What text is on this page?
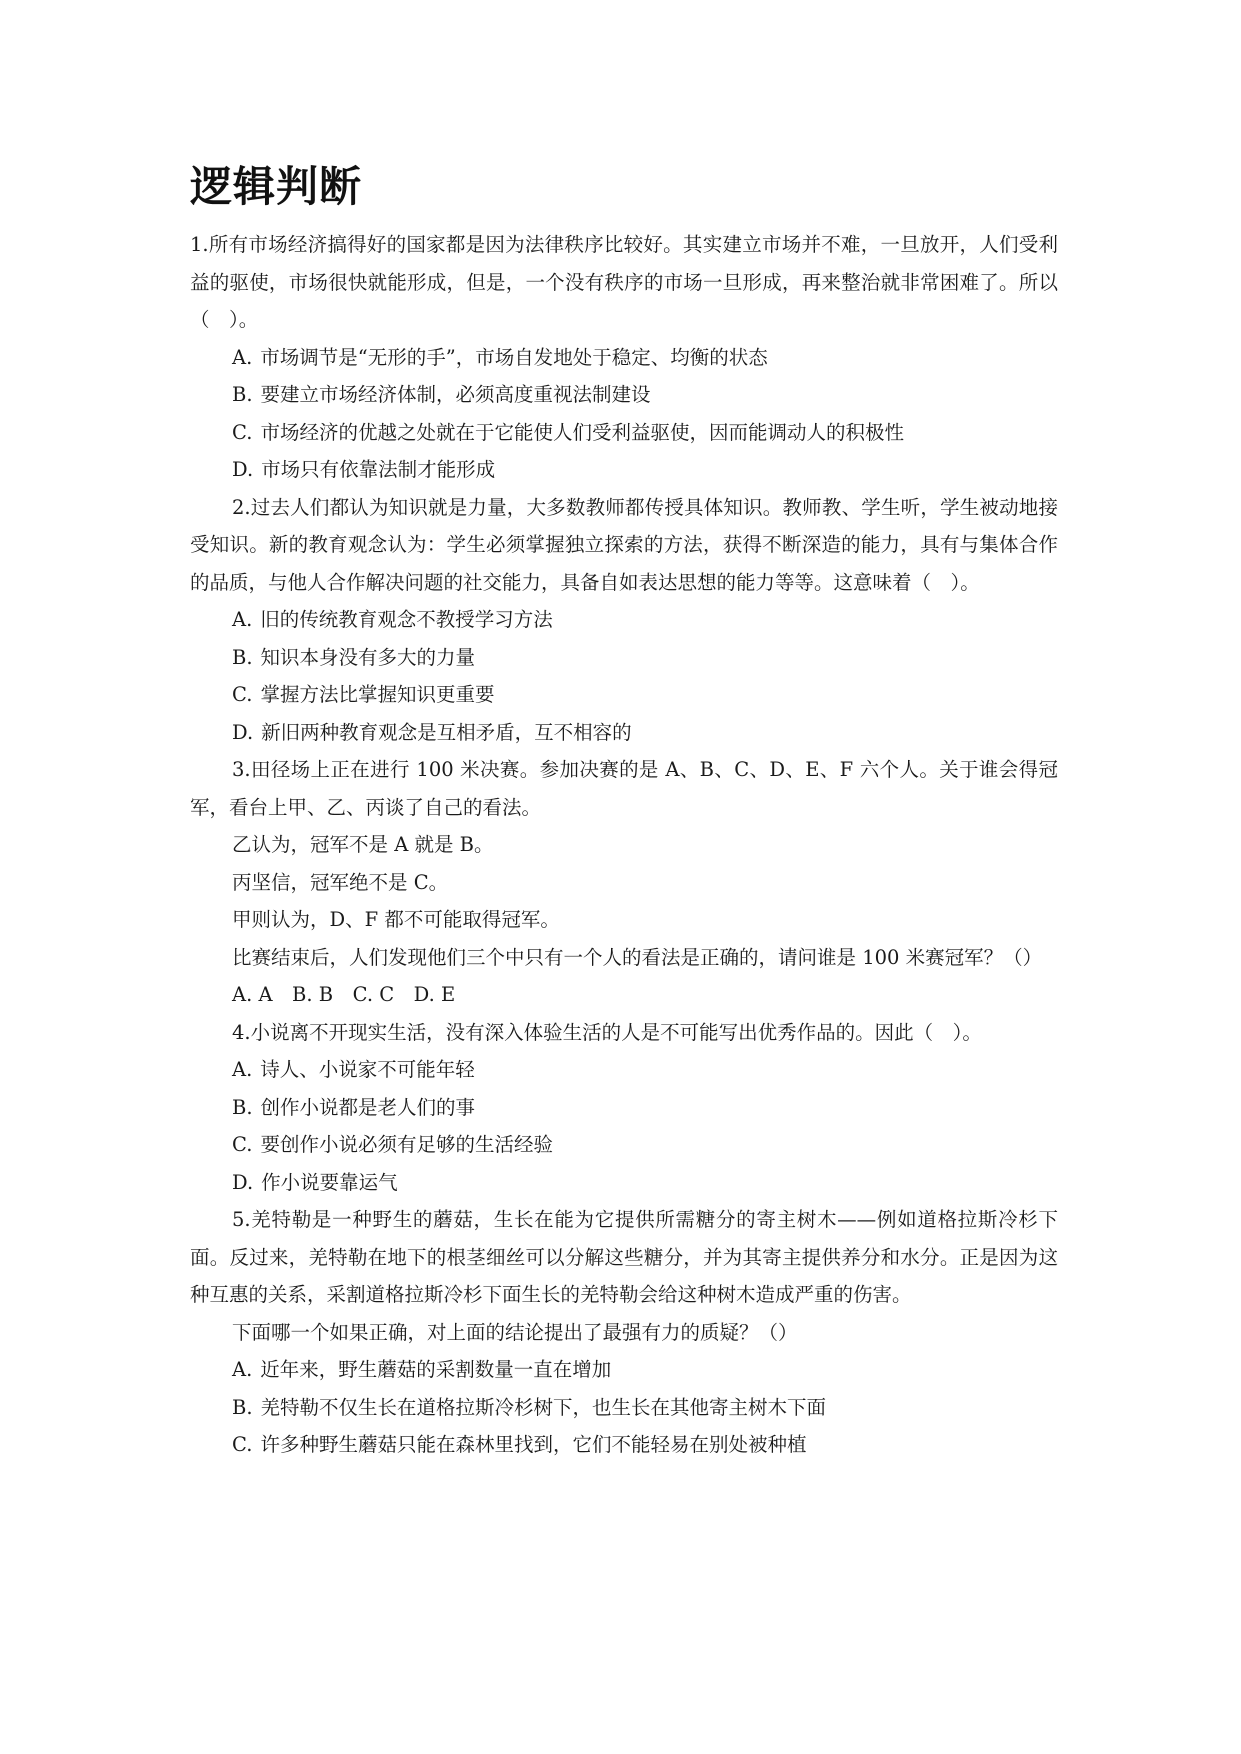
逻辑判断

1.所有市场经济搞得好的国家都是因为法律秩序比较好。其实建立市场并不难，一旦放开，人们受利益的驱使，市场很快就能形成，但是，一个没有秩序的市场一旦形成，再来整治就非常困难了。所以（　）。

A. 市场调节是“无形的手”，市场自发地处于稳定、均衡的状态

B. 要建立市场经济体制，必须高度重视法制建设

C. 市场经济的优越之处就在于它能使人们受利益驱使，因而能调动人的积极性

D. 市场只有依靠法制才能形成

2.过去人们都认为知识就是力量，大多数教师都传授具体知识。教师教、学生听，学生被动地接受知识。新的教育观念认为：学生必须掌握独立探索的方法，获得不断深造的能力，具有与集体合作的品质，与他人合作解决问题的社交能力，具备自如表达思想的能力等等。这意味着（　）。

A. 旧的传统教育观念不教授学习方法

B. 知识本身没有多大的力量

C. 掌握方法比掌握知识更重要

D. 新旧两种教育观念是互相矛盾，互不相容的

3.田径场上正在进行 100 米决赛。参加决赛的是 A、B、C、D、E、F 六个人。关于谁会得冠军，看台上甲、乙、丙谈了自己的看法。

乙认为，冠军不是 A 就是 B。

丙坚信，冠军绝不是 C。

甲则认为，D、F 都不可能取得冠军。

比赛结束后，人们发现他们三个中只有一个人的看法是正确的，请问谁是 100 米赛冠军？（）

A. A　B. B　C. C　D. E

4.小说离不开现实生活，没有深入体验生活的人是不可能写出优秀作品的。因此（　）。

A. 诗人、小说家不可能年轻

B. 创作小说都是老人们的事

C. 要创作小说必须有足够的生活经验

D. 作小说要靠运气

5.羌特勒是一种野生的蘑菇，生长在能为它提供所需糖分的寄主树木——例如道格拉斯冷杉下面。反过来，羌特勒在地下的根茎细丝可以分解这些糖分，并为其寄主提供养分和水分。正是因为这种互惠的关系，采割道格拉斯冷杉下面生长的羌特勒会给这种树木造成严重的伤害。

下面哪一个如果正确，对上面的结论提出了最强有力的质疑？（）

A. 近年来，野生蘑菇的采割数量一直在增加

B. 羌特勒不仅生长在道格拉斯冷杉树下，也生长在其他寄主树木下面

C. 许多种野生蘑菇只能在森林里找到，它们不能轻易在别处被种植
